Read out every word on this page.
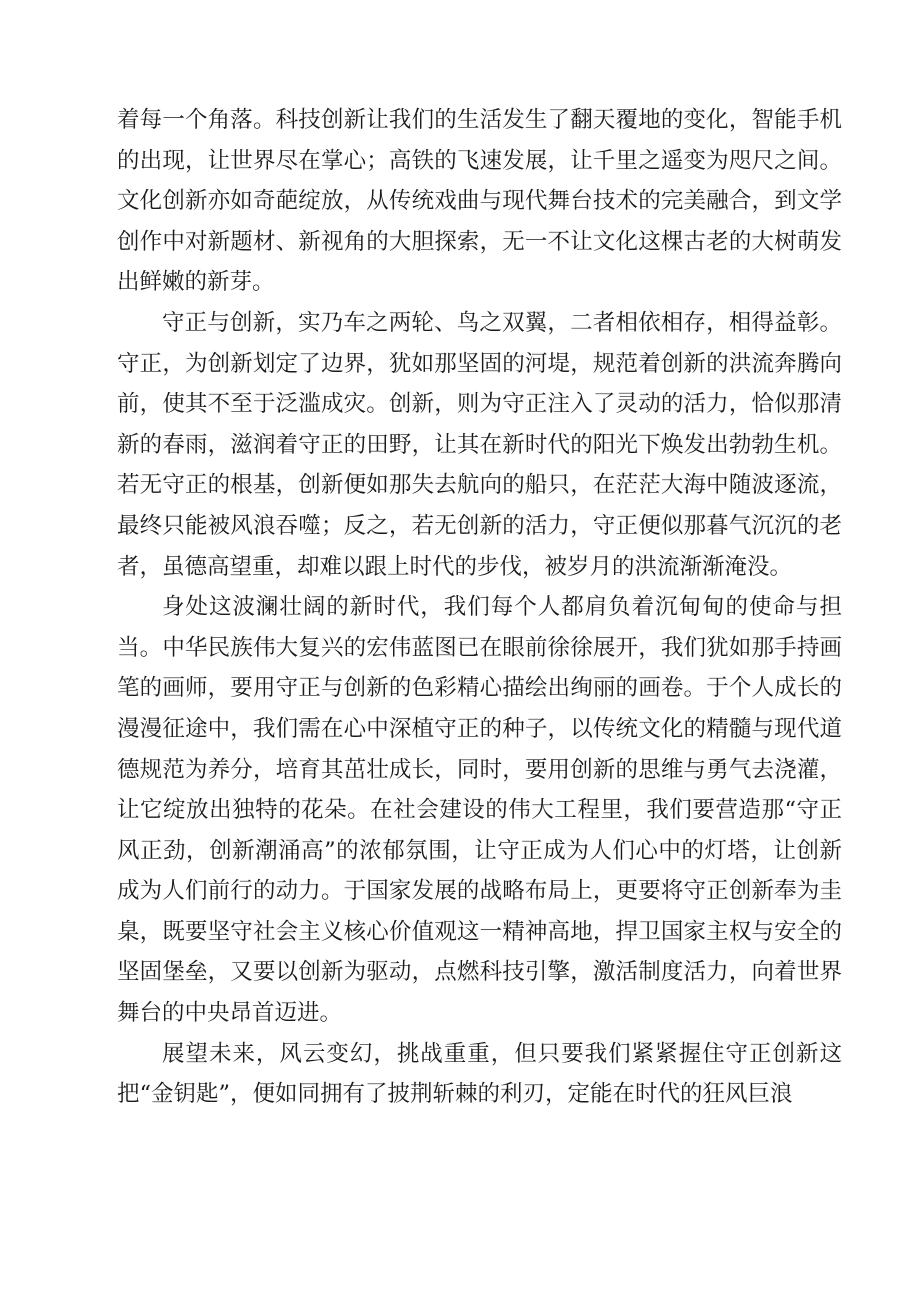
着每一个角落。科技创新让我们的生活发生了翻天覆地的变化，智能手机的出现，让世界尽在掌心；高铁的飞速发展，让千里之遥变为咫尺之间。文化创新亦如奇葩绽放，从传统戏曲与现代舞台技术的完美融合，到文学创作中对新题材、新视角的大胆探索，无一不让文化这棵古老的大树萌发出鲜嫩的新芽。

守正与创新，实乃车之两轮、鸟之双翼，二者相依相存，相得益彰。守正，为创新划定了边界，犹如那坚固的河堤，规范着创新的洪流奔腾向前，使其不至于泛滥成灾。创新，则为守正注入了灵动的活力，恰似那清新的春雨，滋润着守正的田野，让其在新时代的阳光下焕发出勃勃生机。若无守正的根基，创新便如那失去航向的船只，在茫茫大海中随波逐流，最终只能被风浪吞噬；反之，若无创新的活力，守正便似那暮气沉沉的老者，虽德高望重，却难以跟上时代的步伐，被岁月的洪流渐渐淹没。

身处这波澜壮阔的新时代，我们每个人都肩负着沉甸甸的使命与担当。中华民族伟大复兴的宏伟蓝图已在眼前徐徐展开，我们犹如那手持画笔的画师，要用守正与创新的色彩精心描绘出绚丽的画卷。于个人成长的漫漫征途中，我们需在心中深植守正的种子，以传统文化的精髓与现代道德规范为养分，培育其茁壮成长，同时，要用创新的思维与勇气去浇灌，让它绽放出独特的花朵。在社会建设的伟大工程里，我们要营造那“守正风正劲，创新潮涌高”的浓郁氛围，让守正成为人们心中的灯塔，让创新成为人们前行的动力。于国家发展的战略布局上，更要将守正创新奉为圭臬，既要坚守社会主义核心价值观这一精神高地，捍卫国家主权与安全的坚固堡垒，又要以创新为驱动，点燃科技引擎，激活制度活力，向着世界舞台的中央昂首迈进。

展望未来，风云变幻，挑战重重，但只要我们紧紧握住守正创新这把“金钥匙”，便如同拥有了披荆斩棘的利刃，定能在时代的狂风巨浪
